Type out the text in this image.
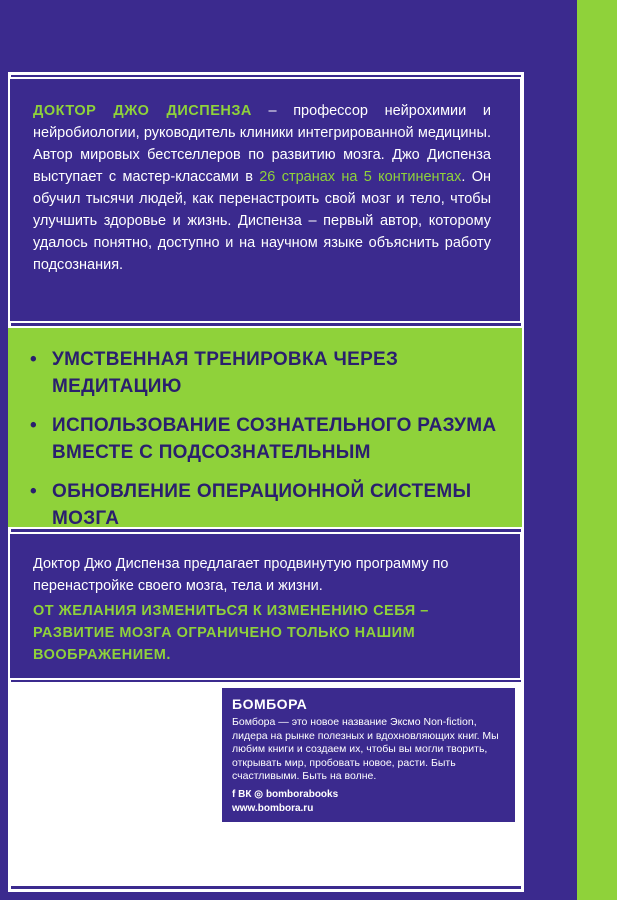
ДОКТОР ДЖО ДИСПЕНЗА – профессор нейрохимии и нейробиологии, руководитель клиники интегрированной медицины. Автор мировых бестселлеров по развитию мозга. Джо Диспенза выступает с мастер-классами в 26 странах на 5 континентах. Он обучил тысячи людей, как перенастроить свой мозг и тело, чтобы улучшить здоровье и жизнь. Диспенза – первый автор, которому удалось понятно, доступно и на научном языке объяснить работу подсознания.

• УМСТВЕННАЯ ТРЕНИРОВКА ЧЕРЕЗ МЕДИТАЦИЮ
• ИСПОЛЬЗОВАНИЕ СОЗНАТЕЛЬНОГО РАЗУМА ВМЕСТЕ С ПОДСОЗНАТЕЛЬНЫМ
• ОБНОВЛЕНИЕ ОПЕРАЦИОННОЙ СИСТЕМЫ МОЗГА

Доктор Джо Диспенза предлагает продвинутую программу по перенастройке своего мозга, тела и жизни.

ОТ ЖЕЛАНИЯ ИЗМЕНИТЬСЯ К ИЗМЕНЕНИЮ СЕБЯ – РАЗВИТИЕ МОЗГА ОГРАНИЧЕНО ТОЛЬКО НАШИМ ВООБРАЖЕНИЕМ.

БОМБОРА

Бомбора — это новое название Эксмо Non-fiction, лидера на рынке полезных и вдохновляющих книг. Мы любим книги и создаем их, чтобы вы могли творить, открывать мир, пробовать новое, расти. Быть счастливыми. Быть на волне.

f ВК ◎ bomborabooks

www.bombora.ru
